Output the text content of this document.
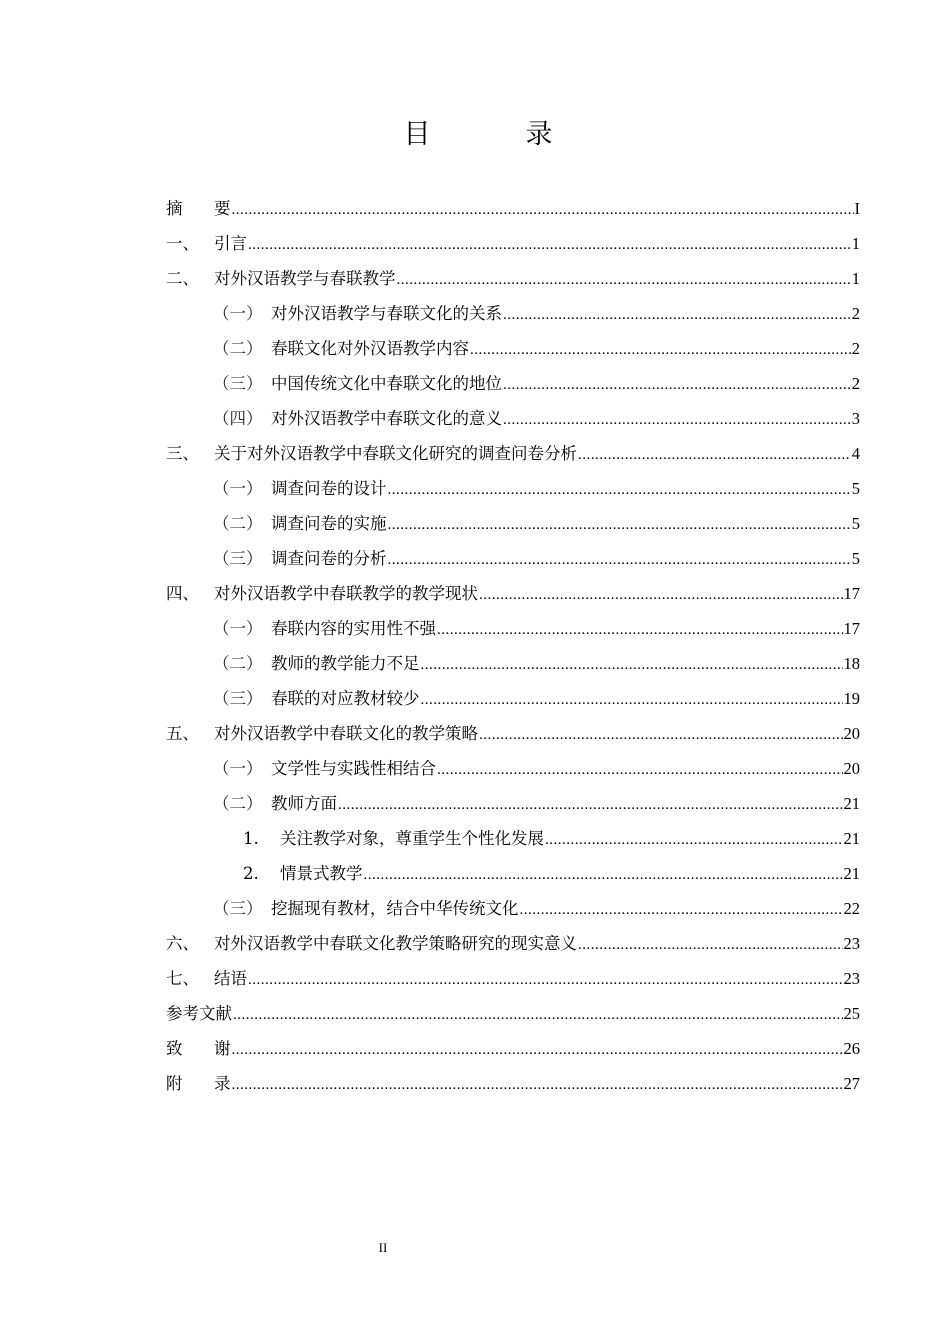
目　录
摘	要 .....	I
一、 引言 .....	1
二、 对外汉语教学与春联教学 .....	1
（一） 对外汉语教学与春联文化的关系 .....	2
（二） 春联文化对外汉语教学内容 .....	2
（三） 中国传统文化中春联文化的地位 .....	2
（四） 对外汉语教学中春联文化的意义 .....	3
三、 关于对外汉语教学中春联文化研究的调查问卷分析 .....	4
（一） 调查问卷的设计 .....	5
（二） 调查问卷的实施 .....	5
（三） 调查问卷的分析 .....	5
四、 对外汉语教学中春联教学的教学现状 .....	17
（一） 春联内容的实用性不强 .....	17
（二） 教师的教学能力不足 .....	18
（三） 春联的对应教材较少 .....	19
五、 对外汉语教学中春联文化的教学策略 .....	20
（一） 文学性与实践性相结合 .....	20
（二） 教师方面 .....	21
1.	关注教学对象，尊重学生个性化发展 .....	21
2.	情景式教学 .....	21
（三） 挖掘现有教材，结合中华传统文化 .....	22
六、 对外汉语教学中春联文化教学策略研究的现实意义 .....	23
七、 结语 .....	23
参考文献 .....	25
致	谢 .....	26
附	录 .....	27
II
